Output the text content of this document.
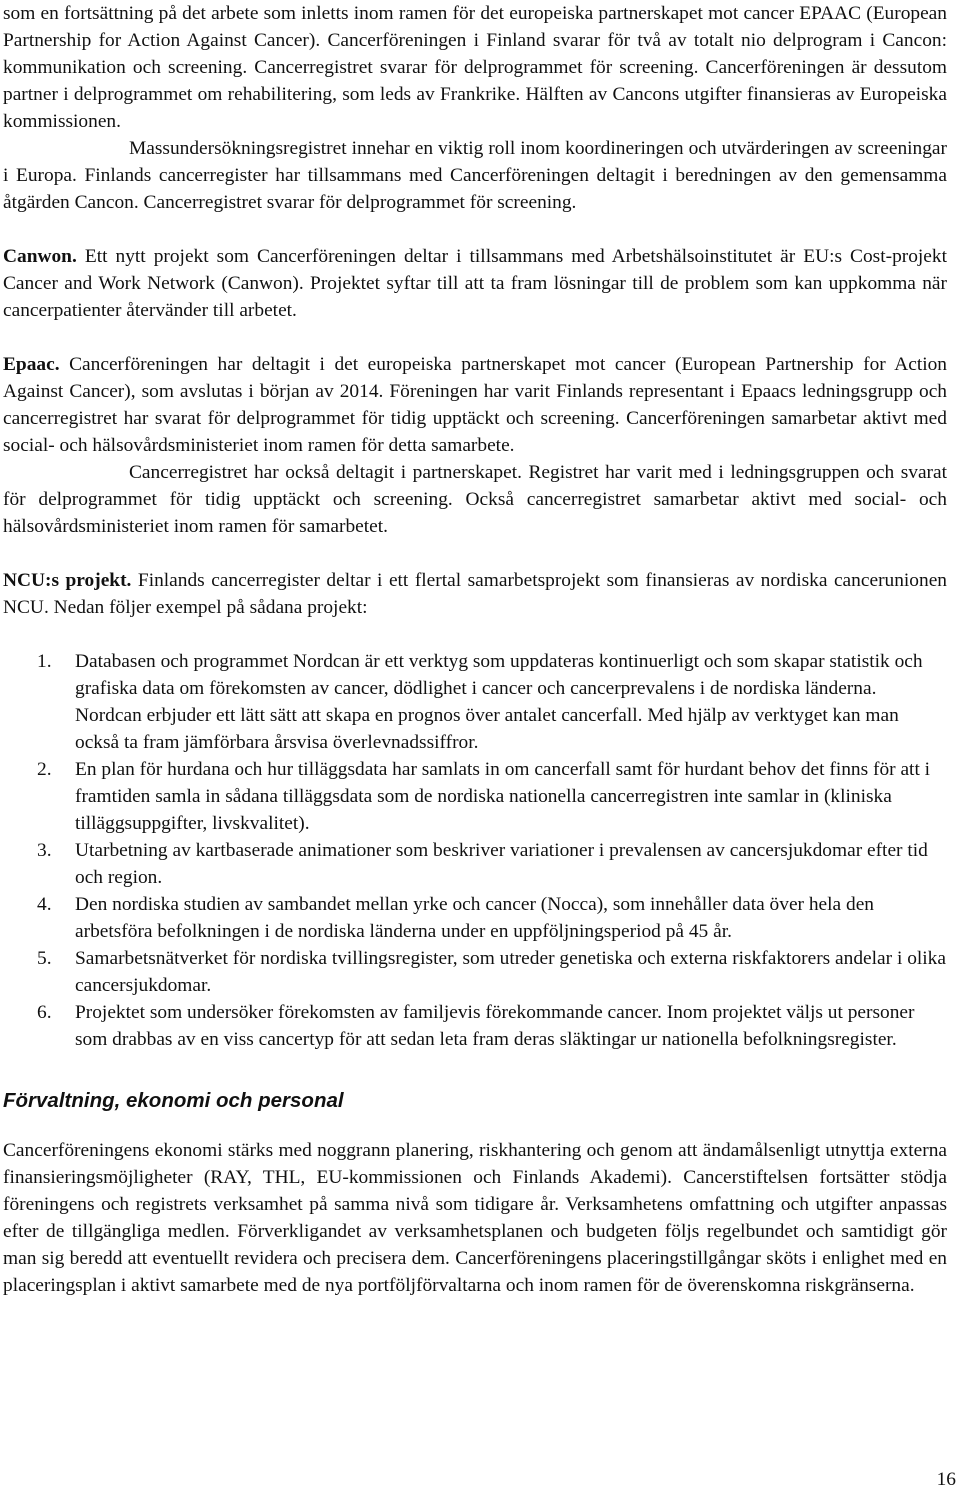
som en fortsättning på det arbete som inletts inom ramen för det europeiska partnerskapet mot cancer EPAAC (European Partnership for Action Against Cancer). Cancerföreningen i Finland svarar för två av totalt nio delprogram i Cancon: kommunikation och screening. Cancerregistret svarar för delprogrammet för screening. Cancerföreningen är dessutom partner i delprogrammet om rehabilitering, som leds av Frankrike. Hälften av Cancons utgifter finansieras av Europeiska kommissionen.

Massundersökningsregistret innehar en viktig roll inom koordineringen och utvärderingen av screeningar i Europa. Finlands cancerregister har tillsammans med Cancerföreningen deltagit i beredningen av den gemensamma åtgärden Cancon. Cancerregistret svarar för delprogrammet för screening.

Canwon. Ett nytt projekt som Cancerföreningen deltar i tillsammans med Arbetshälsoinstitutet är EU:s Cost-projekt Cancer and Work Network (Canwon). Projektet syftar till att ta fram lösningar till de problem som kan uppkomma när cancerpatienter återvänder till arbetet.

Epaac. Cancerföreningen har deltagit i det europeiska partnerskapet mot cancer (European Partnership for Action Against Cancer), som avslutas i början av 2014. Föreningen har varit Finlands representant i Epaacs ledningsgrupp och cancerregistret har svarat för delprogrammet för tidig upptäckt och screening. Cancerföreningen samarbetar aktivt med social- och hälsovårdsministeriet inom ramen för detta samarbete.

Cancerregistret har också deltagit i partnerskapet. Registret har varit med i ledningsgruppen och svarat för delprogrammet för tidig upptäckt och screening. Också cancerregistret samarbetar aktivt med social- och hälsovårdsministeriet inom ramen för samarbetet.

NCU:s projekt. Finlands cancerregister deltar i ett flertal samarbetsprojekt som finansieras av nordiska cancerunionen NCU. Nedan följer exempel på sådana projekt:

1. Databasen och programmet Nordcan är ett verktyg som uppdateras kontinuerligt och som skapar statistik och grafiska data om förekomsten av cancer, dödlighet i cancer och cancerprevalens i de nordiska länderna. Nordcan erbjuder ett lätt sätt att skapa en prognos över antalet cancerfall. Med hjälp av verktyget kan man också ta fram jämförbara årsvisa överlevnadssiffror.
2. En plan för hurdana och hur tilläggsdata har samlats in om cancerfall samt för hurdant behov det finns för att i framtiden samla in sådana tilläggsdata som de nordiska nationella cancerregistren inte samlar in (kliniska tilläggsuppgifter, livskvalitet).
3. Utarbetning av kartbaserade animationer som beskriver variationer i prevalensen av cancersjukdomar efter tid och region.
4. Den nordiska studien av sambandet mellan yrke och cancer (Nocca), som innehåller data över hela den arbetsföra befolkningen i de nordiska länderna under en uppföljningsperiod på 45 år.
5. Samarbetsnätverket för nordiska tvillingsregister, som utreder genetiska och externa riskfaktorers andelar i olika cancersjukdomar.
6. Projektet som undersöker förekomsten av familjevis förekommande cancer. Inom projektet väljs ut personer som drabbas av en viss cancertyp för att sedan leta fram deras släktingar ur nationella befolkningsregister.
Förvaltning, ekonomi och personal

Cancerföreningens ekonomi stärks med noggrann planering, riskhantering och genom att ändamålsenligt utnyttja externa finansieringsmöjligheter (RAY, THL, EU-kommissionen och Finlands Akademi). Cancerstiftelsen fortsätter stödja föreningens och registrets verksamhet på samma nivå som tidigare år. Verksamhetens omfattning och utgifter anpassas efter de tillgängliga medlen. Förverkligandet av verksamhetsplanen och budgeten följs regelbundet och samtidigt gör man sig beredd att eventuellt revidera och precisera dem. Cancerföreningens placeringstillgångar sköts i enlighet med en placeringsplan i aktivt samarbete med de nya portföljförvaltarna och inom ramen för de överenskomna riskgränserna.

16
